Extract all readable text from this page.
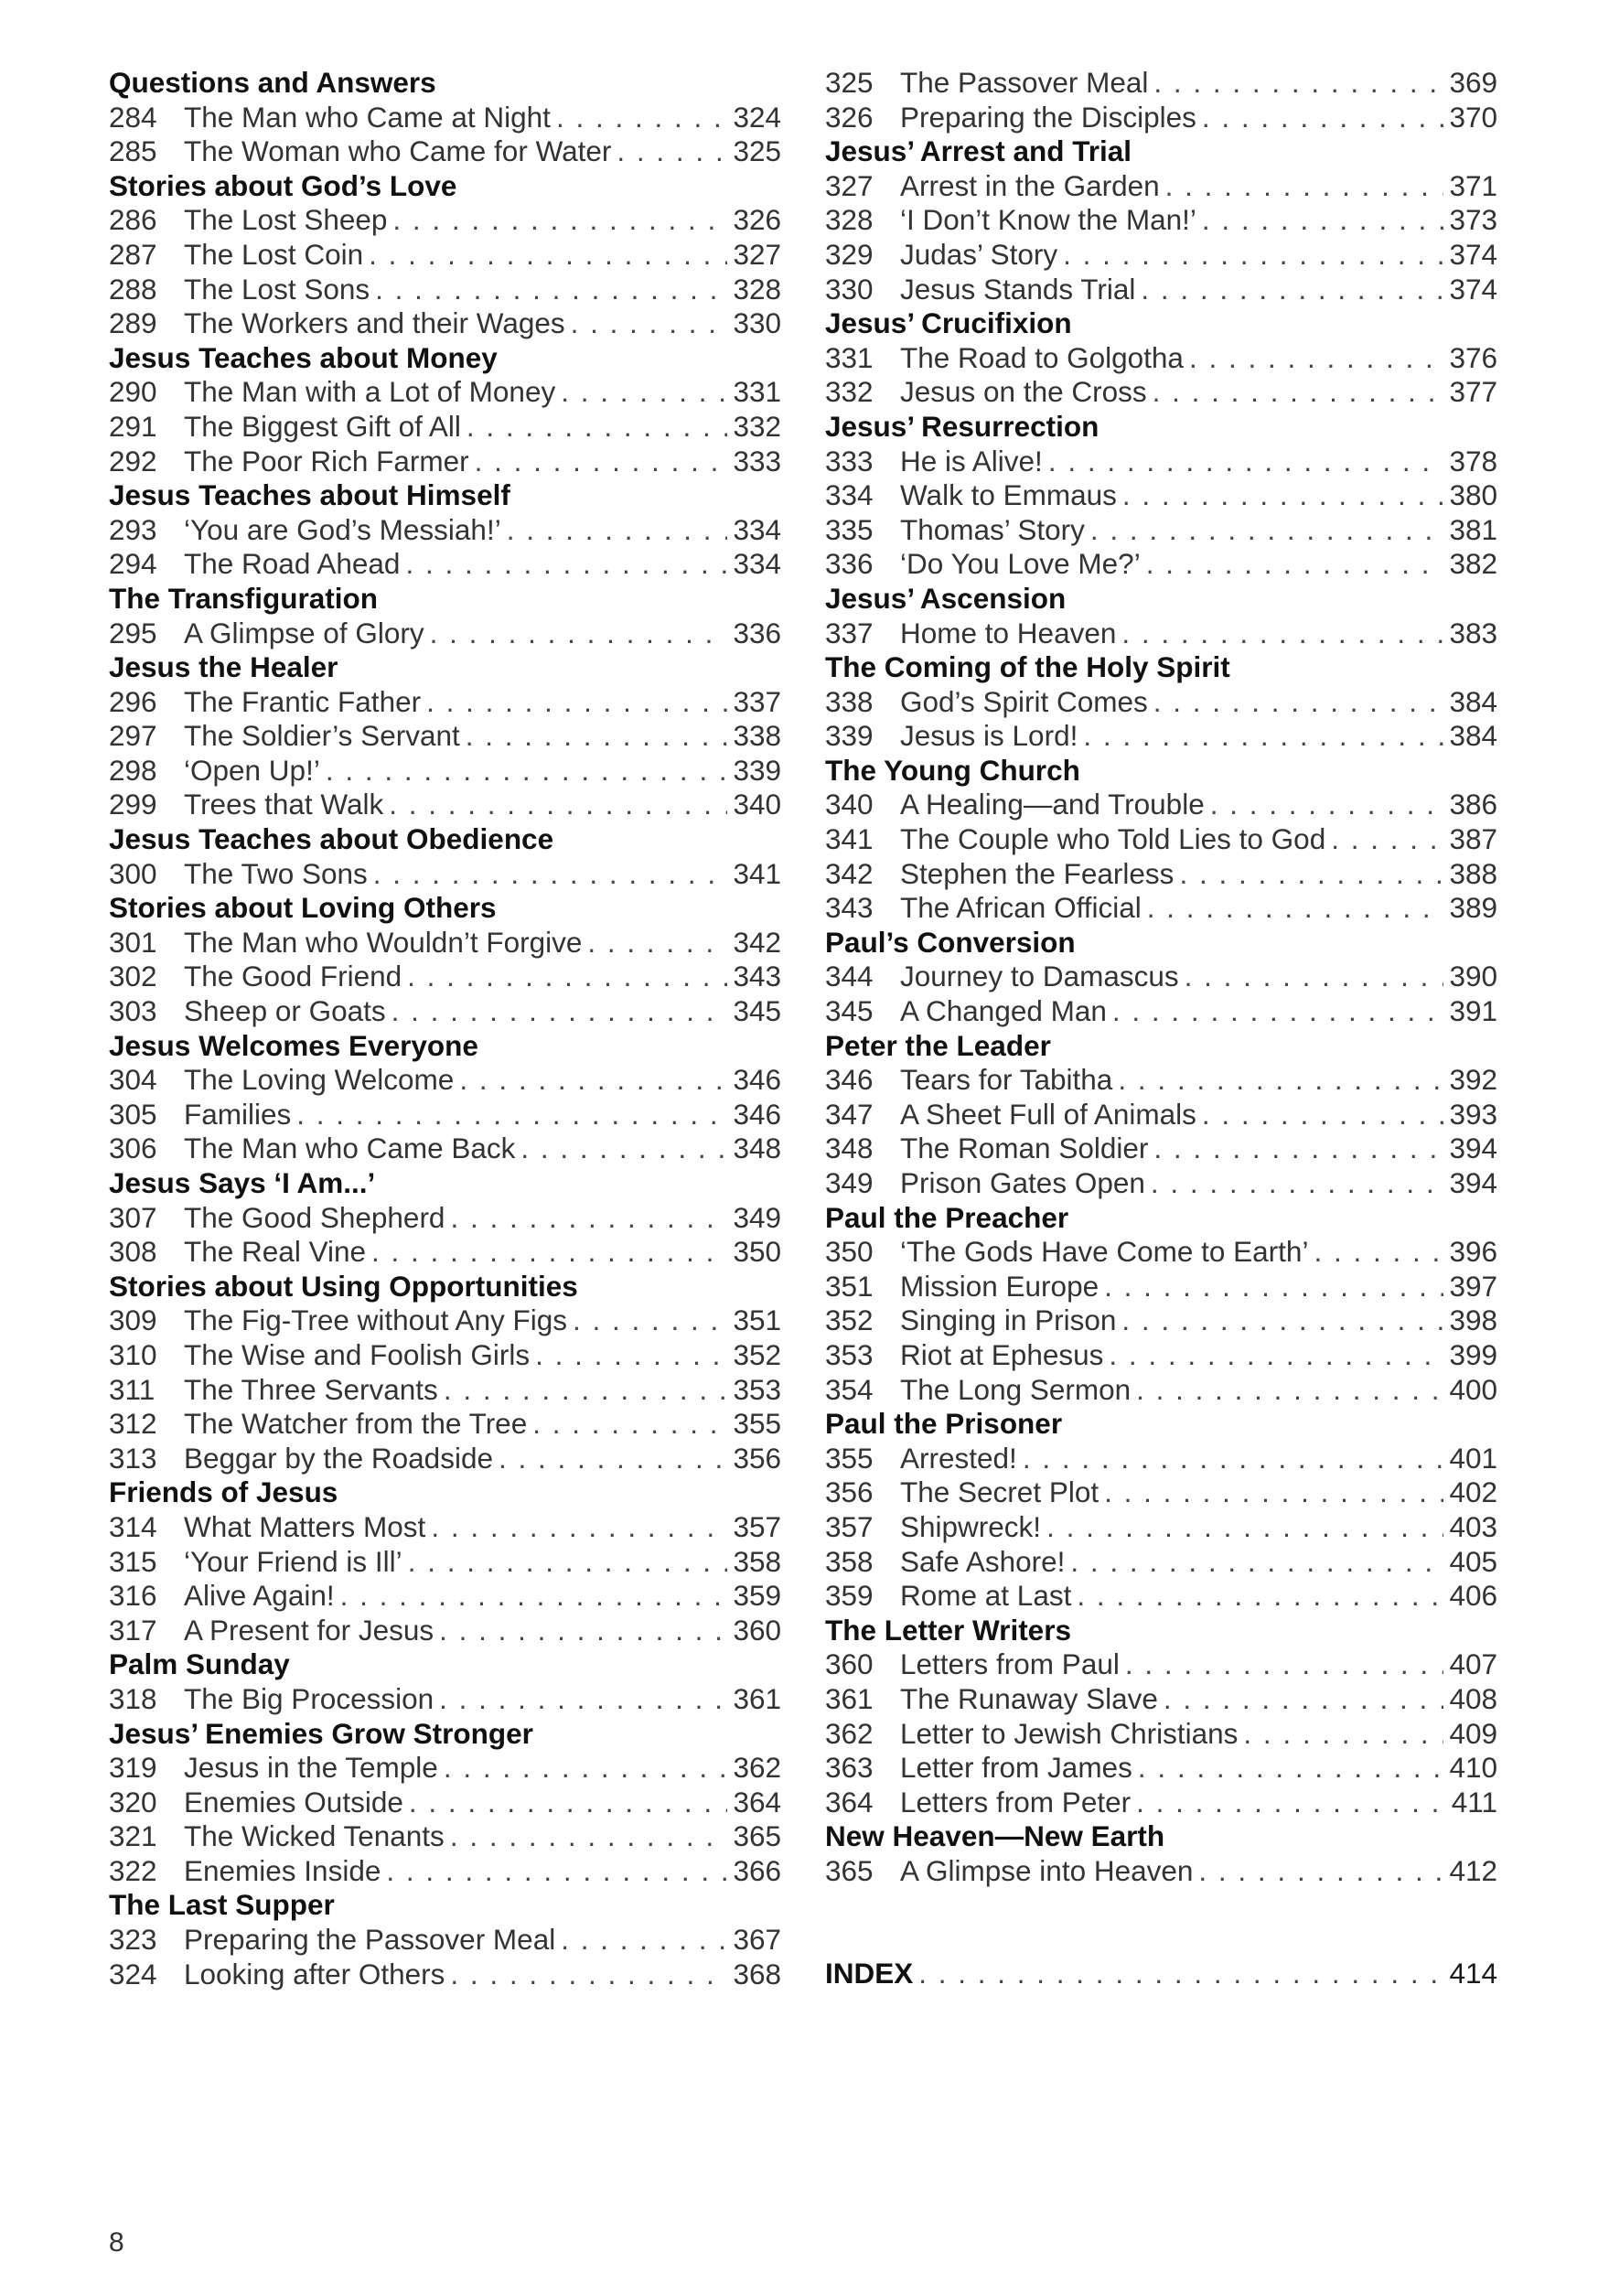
Questions and Answers
284 The Man who Came at Night . . .	324
285 The Woman who Came for Water . . .	325
Stories about God’s Love
286 The Lost Sheep . . .	326
287 The Lost Coin . . .	327
288 The Lost Sons . . .	328
289 The Workers and their Wages . . .	330
Jesus Teaches about Money
290 The Man with a Lot of Money . . .	331
291 The Biggest Gift of All . . .	332
292 The Poor Rich Farmer . . .	333
Jesus Teaches about Himself
293 ‘You are God’s Messiah!’ . . .	334
294 The Road Ahead . . .	334
The Transfiguration
295 A Glimpse of Glory . . .	336
Jesus the Healer
296 The Frantic Father . . .	337
297 The Soldier’s Servant . . .	338
298 ‘Open Up!’ . . .	339
299 Trees that Walk . . .	340
Jesus Teaches about Obedience
300 The Two Sons . . .	341
Stories about Loving Others
301 The Man who Wouldn’t Forgive . . .	342
302 The Good Friend . . .	343
303 Sheep or Goats . . .	345
Jesus Welcomes Everyone
304 The Loving Welcome . . .	346
305 Families . . .	346
306 The Man who Came Back . . .	348
Jesus Says ‘I Am...’
307 The Good Shepherd . . .	349
308 The Real Vine . . .	350
Stories about Using Opportunities
309 The Fig-Tree without Any Figs . . .	351
310 The Wise and Foolish Girls . . .	352
311	The Three Servants . . .	353
312 The Watcher from the Tree . . .	355
313 Beggar by the Roadside . . .	356
Friends of Jesus
314 What Matters Most . . .	357
315 ‘Your Friend is Ill’ . . .	358
316 Alive Again! . . .	359
317 A Present for Jesus . . .	360
Palm Sunday
318 The Big Procession . . .	361
Jesus’ Enemies Grow Stronger
319 Jesus in the Temple . . .	362
320 Enemies Outside . . .	364
321 The Wicked Tenants . . .	365
322 Enemies Inside . . .	366
The Last Supper
323 Preparing the Passover Meal . . .	367
324 Looking after Others . . .	368
325 The Passover Meal . . .	369
326 Preparing the Disciples . . .	370
Jesus’ Arrest and Trial
327 Arrest in the Garden . . .	371
328 ‘I Don’t Know the Man!’ . . .	373
329 Judas’ Story . . .	374
330 Jesus Stands Trial . . .	374
Jesus’ Crucifixion
331 The Road to Golgotha . . .	376
332 Jesus on the Cross . . .	377
Jesus’ Resurrection
333 He is Alive! . . .	378
334 Walk to Emmaus . . .	380
335 Thomas’ Story . . .	381
336 ‘Do You Love Me?’ . . .	382
Jesus’ Ascension
337 Home to Heaven . . .	383
The Coming of the Holy Spirit
338 God’s Spirit Comes . . .	384
339 Jesus is Lord! . . .	384
The Young Church
340 A Healing—and Trouble . . .	386
341 The Couple who Told Lies to God . . .	387
342 Stephen the Fearless . . .	388
343 The African Official . . .	389
Paul’s Conversion
344 Journey to Damascus . . .	390
345 A Changed Man . . .	391
Peter the Leader
346 Tears for Tabitha . . .	392
347 A Sheet Full of Animals . . .	393
348 The Roman Soldier . . .	394
349 Prison Gates Open . . .	394
Paul the Preacher
350 ‘The Gods Have Come to Earth’ . . .	396
351 Mission Europe . . .	397
352 Singing in Prison . . .	398
353 Riot at Ephesus . . .	399
354 The Long Sermon . . .	400
Paul the Prisoner
355 Arrested! . . .	401
356 The Secret Plot . . .	402
357 Shipwreck! . . .	403
358 Safe Ashore! . . .	405
359 Rome at Last . . .	406
The Letter Writers
360 Letters from Paul . . .	407
361 The Runaway Slave . . .	408
362 Letter to Jewish Christians . . .	409
363 Letter from James . . .	410
364 Letters from Peter . . .	411
New Heaven—New Earth
365 A Glimpse into Heaven . . .	412
INDEX . . .	414
8
